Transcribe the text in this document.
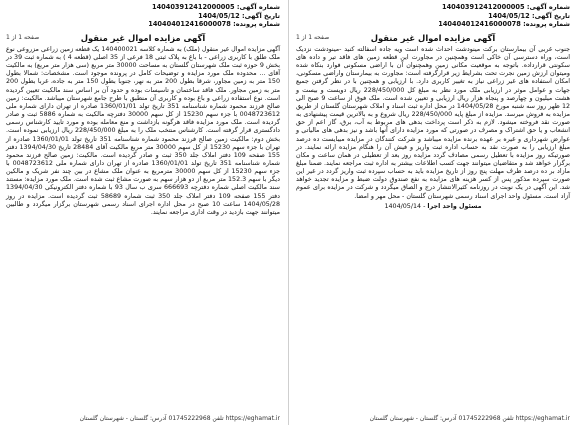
شماره آگهی: 140403912412000005
تاریخ آگهی: 1404/05/12
شماره پرونده: 140404012416000078
صفحه 1 از 1	آگهی مزایده اموال غیر منقول
آگهی مزایده اموال غیر منقول (ملک) به شماره کلاسه 140400021 یک قطعه زمین زراعی مزروعی نوع ملک طلق با کاربری زراعی - با باغ به پلاک ثبتی 18 فرعی از 35 اصلی (قطعه 4 ) به شماره ثبت 39 در بخش 9 حوزه ثبت ملک شهرستان گلستان به مساحت 30000 متر مربع (سی هزار متر مربع) به مالکیت آقای ... محدوده ملک مورد مزایده و توضیحات کامل در پرونده موجود است. مشخصات: شمالا بطول 150 متر به زمین مجاور، شرقا بطول 200 متر به نهر، جنوبا بطول 150 متر به جاده، غربا بطول 200 متر به زمین مجاور. ملک فاقد ساختمان و تاسیسات بوده و حدود آن بر اساس سند مالکیت تعیین گردیده است. نوع استفاده زراعی و باغ بوده و کاربری آن منطبق با طرح جامع شهرستان میباشد. مالکیت: زمین صالح فرزند محمود شماره شناسنامه 351 تاریخ تولد 1360/01/01 صادره از تهران دارای شماره ملی 0048723612 با جزء سهم 15230 از کل سهم 30000 دفترچه مالکیت به شماره 5886 ثبت و صادر گردیده است. ملک مورد مزایده فاقد هرگونه بازداشت و منع معامله بوده و مورد تایید کارشناس رسمی دادگستری قرار گرفته است. کارشناس منتخب ملک را به مبلغ 228/450/000 ریال ارزیابی نموده است. بخش دوم: مالکیت زمین صالح فرزند محمود شماره شناسنامه 351 تاریخ تولد 1360/01/01 صادره از تهران با جزء سهم 15230 از کل سهم 30000 متر مربع مالکیت آقای 28484 تاریخ 1394/04/30 دفتر 155 صفحه 109 دفتر املاک جلد 350 ثبت و صادر گردیده است. مالکیت: زمین صالح فرزند محمود شماره شناسنامه 351 تاریخ تولد 1360/01/01 صادره از تهران دارای شماره ملی 0048723612 با جزء سهم 15230 از کل سهم 30000 مترمربع به عنوان ملک مشاع در بین چند نفر شریک و مالکین دیگر با سهم 152.3 متر مربع از دو هزار سهم به صورت مشاع ثبت شده است. ملک مورد مزایده: مستند سند مالکیت اصلی شماره دفترچه 666693 سری ب سال 93 با شماره دفتر الکترونیکی 1394/04/30 دفتر 155 صفحه 109 دفتر املاک جلد 350 ثبت شماره 58689 ثبت گردیده است. مزایده در روز 1404/05/28 ساعت 10 صبح در محل اداره اجرای اسناد رسمی شهرستان برگزار میگردد و طالبین میتوانند جهت بازدید در وقت اداری مراجعه نمایند.
https://eghamat.ir تلفن 01745222968 آدرس: گلستان - شهرستان گلستان
شماره آگهی: 140403912412000005
تاریخ آگهی: 1404/05/12
شماره پرونده: 140404012416000078
صفحه 1 از 1	آگهی مزایده اموال غیر منقول
جنوب غربی آن بیمارستان برکت مینودشت احداث شده است ویه جاده اسفالته کنید -مینودشت نزدیک است، وراه دسترسی آن خاکی است وهمچنین در مجاورت این قطعه زمین های فاقد تیر و داده های سکونتی قرارداده. باتوجه به موقعیت مکانی زمین وهمچنوان آن با اراضی مسکونی فوارد بنکاه شده ومیتوان ارزش زمین نجرت تحت بشرایط زیر قرارگرفته است: مجاورت به بیمارستان واراضی مسکونی، امکان استفاده های غیر زراعی نیاز به تغییر کاربری دارد. با ارزیابی و همچنین با در نظر گرفتن جمیع جهات و عوامل موثر در ارزیابی ملک مورد نظر به مبلغ کل 228/450/000 ریال دویست و بیست و هشت میلیون و چهارصد و پنجاه هزار ریال ارزیابی و تعیین شده است. ملک فوق از ساعت 9 صبح الی 12 ظهر روز سه شنبه مورخ 1404/05/28 در محل اداره ثبت اسناد و املاک شهرستان گلستان از طریق مزایده به فروش میرسد. مزایده از مبلغ پایه 228/450/000 ریال شروع و به بالاترین قیمت پیشنهادی به صورت نقد فروخته میشود. لازم به ذکر است پرداخت بدهی های مربوط به آب، برق، گاز اعم از حق انشعاب و یا حق اشتراک و مصرف در صورتی که مورد مزایده دارای آنها باشد و نیز بدهی های مالیاتی و عوارض شهرداری و غیره بر عهده برنده مزایده میباشد و شرکت کنندگان در مزایده میبایست ده درصد مبلغ ارزیابی را به صورت نقد به حساب اداره ثبت واریز و فیش آن را هنگام مزایده ارائه نمایند. در صورتیکه روز مزایده با تعطیل رسمی مصادف گردد مزایده روز بعد از تعطیلی در همان ساعت و مکان برگزار خواهد شد و متقاضیان میتوانند جهت کسب اطلاعات بیشتر به اداره ثبت مراجعه نمایند. ضمنا مبلغ مازاد بر ده درصد ظرف مهلت پنج روز از تاریخ مزایده باید به حساب سپرده ثبت واریز گردد در غیر این صورت سپرده مذکور پس از کسر هزینه های مزایده به نفع صندوق دولت ضبط و مزایده تجدید خواهد شد. این آگهی در یک نوبت در روزنامه کثیرالانتشار درج و الصاق میگردد و شرکت در مزایده برای عموم آزاد است. مسئول واحد اجرای اسناد رسمی شهرستان گلستان - محل مهر و امضا.
مسئول واحد اجرا - 1404/05/14
https://eghamat.ir تلفن 01745222968 آدرس: گلستان - شهرستان گلستان
